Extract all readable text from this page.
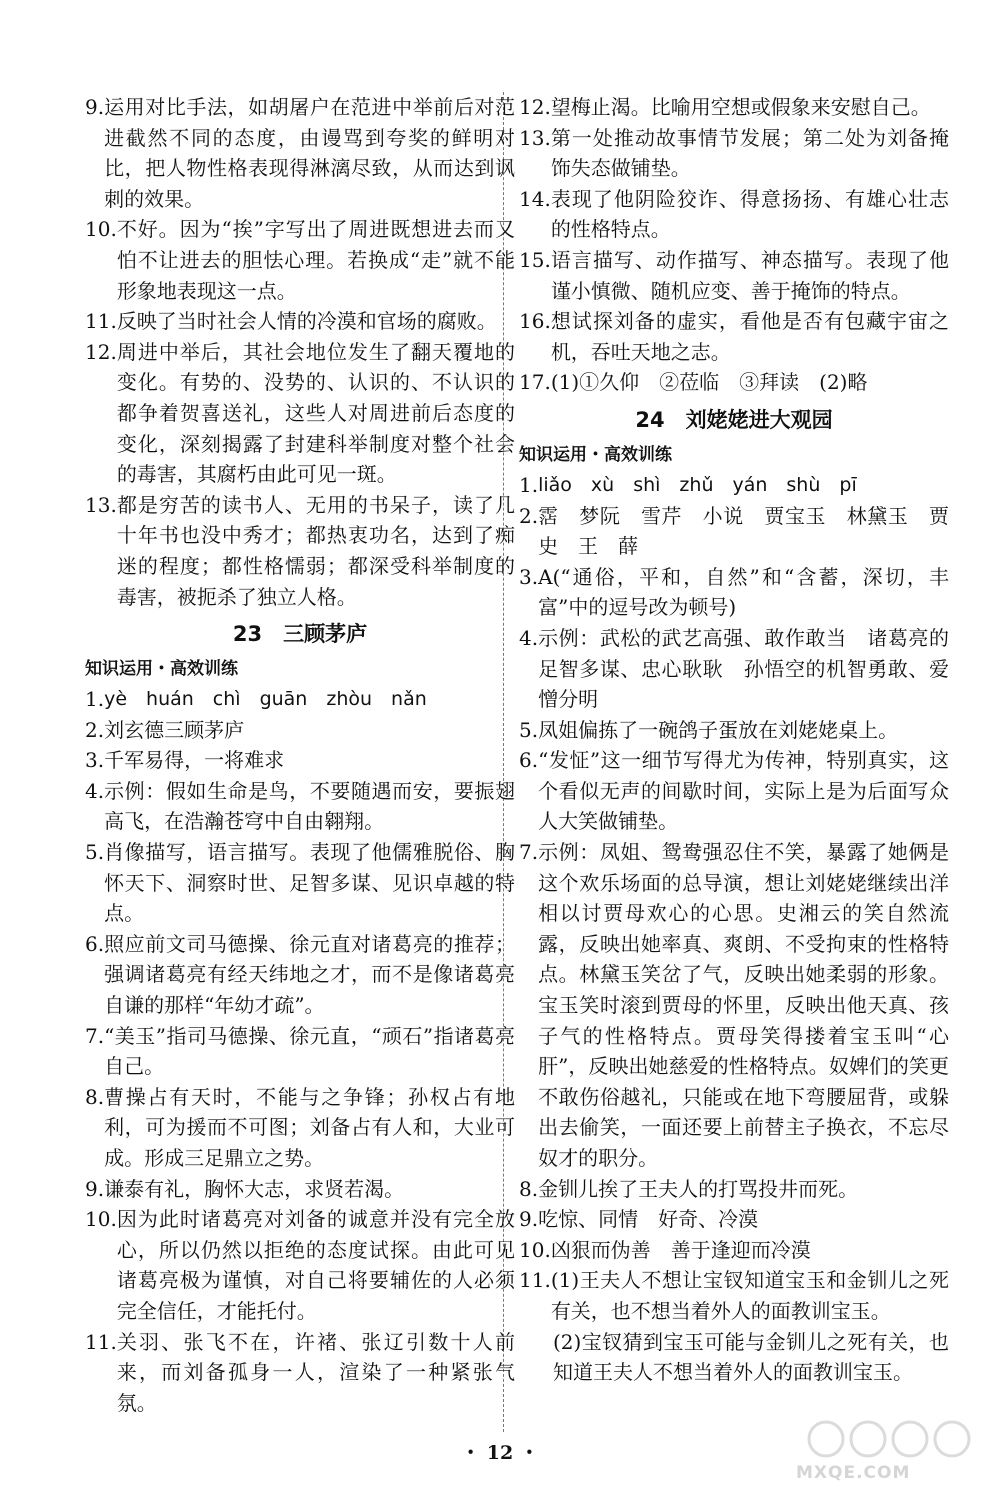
9. 运用对比手法，如胡屠户在范进中举前后对范进截然不同的态度，由谩骂到夸奖的鲜明对比，把人物性格表现得淋漓尽致，从而达到讽刺的效果。
10. 不好。因为“挨”字写出了周进既想进去而又怕不让进去的胆怯心理。若换成“走”就不能形象地表现这一点。
11. 反映了当时社会人情的冷漠和官场的腐败。
12. 周进中举后，其社会地位发生了翻天覆地的变化。有势的、没势的、认识的、不认识的都争着贺喜送礼，这些人对周进前后态度的变化，深刻揭露了封建科举制度对整个社会的毒害，其腐朽由此可见一斑。
13. 都是穷苦的读书人、无用的书呆子，读了几十年书也没中秀才；都热衷功名，达到了痴迷的程度；都性格懦弱；都深受科举制度的毒害，被扼杀了独立人格。
23　三顾茅庐
知识运用・高效训练
1. yè　huán　chì　guān　zhòu　nǎn
2. 刘玄德三顾茅庐
3. 千军易得，一将难求
4. 示例：假如生命是鸟，不要随遇而安，要振翅高飞，在浩瀚苍穹中自由翱翔。
5. 肖像描写，语言描写。表现了他儒雅脱俗、胸怀天下、洞察时世、足智多谋、见识卓越的特点。
6. 照应前文司马德操、徐元直对诸葛亮的推荐；强调诸葛亮有经天纬地之才，而不是像诸葛亮自谦的那样“年幼才疏”。
7. “美玉”指司马德操、徐元直，“顽石”指诸葛亮自己。
8. 曹操占有天时，不能与之争锋；孙权占有地利，可为援而不可图；刘备占有人和，大业可成。形成三足鼎立之势。
9. 谦泰有礼，胸怀大志，求贤若渴。
10. 因为此时诸葛亮对刘备的诚意并没有完全放心，所以仍然以拒绝的态度试探。由此可见诸葛亮极为谨慎，对自己将要辅佐的人必须完全信任，才能托付。
11. 关羽、张飞不在，许褚、张辽引数十人前来，而刘备孤身一人，渲染了一种紧张气氛。
12. 望梅止渴。比喻用空想或假象来安慰自己。
13. 第一处推动故事情节发展；第二处为刘备掩饰失态做铺垫。
14. 表现了他阴险狡诈、得意扬扬、有雄心壮志的性格特点。
15. 语言描写、动作描写、神态描写。表现了他谨小慎微、随机应变、善于掩饰的特点。
16. 想试探刘备的虚实，看他是否有包藏宇宙之机，吞吐天地之志。
17. (1)①久仰　②莅临　③拜读　(2)略
24　刘姥姥进大观园
知识运用・高效训练
1. liǎo　xù　shì　zhǔ　yán　shù　pī
2. 霑　梦阮　雪芹　小说　贾宝玉　林黛玉　贾史　王　薛
3. A(“通俗，平和，自然”和“含蓄，深切，丰富”中的逗号改为顿号)
4. 示例：武松的武艺高强、敢作敢当　诸葛亮的足智多谋、忠心耿耿　孙悟空的机智勇敢、爱憎分明
5. 凤姐偏拣了一碗鸽子蛋放在刘姥姥桌上。
6. “发怔”这一细节写得尤为传神，特别真实，这个看似无声的间歇时间，实际上是为后面写众人大笑做铺垫。
7. 示例：凤姐、鸳鸯强忍住不笑，暴露了她俩是这个欢乐场面的总导演，想让刘姥姥继续出洋相以讨贾母欢心的心思。史湘云的笑自然流露，反映出她率真、爽朗、不受拘束的性格特点。林黛玉笑岔了气，反映出她柔弱的形象。宝玉笑时滚到贾母的怀里，反映出他天真、孩子气的性格特点。贾母笑得搂着宝玉叫“心肝”，反映出她慈爱的性格特点。奴婢们的笑更不敢伤俗越礼，只能或在地下弯腰屈背，或躲出去偷笑，一面还要上前替主子换衣，不忘尽奴才的职分。
8. 金钏儿挨了王夫人的打骂投井而死。
9. 吃惊、同情　好奇、冷漠
10. 凶狠而伪善　善于逢迎而冷漠
11. (1)王夫人不想让宝钗知道宝玉和金钏儿之死有关，也不想当着外人的面教训宝玉。
(2)宝钗猜到宝玉可能与金钏儿之死有关，也知道王夫人不想当着外人的面教训宝玉。
・ 12 ・
MXQE.COM
